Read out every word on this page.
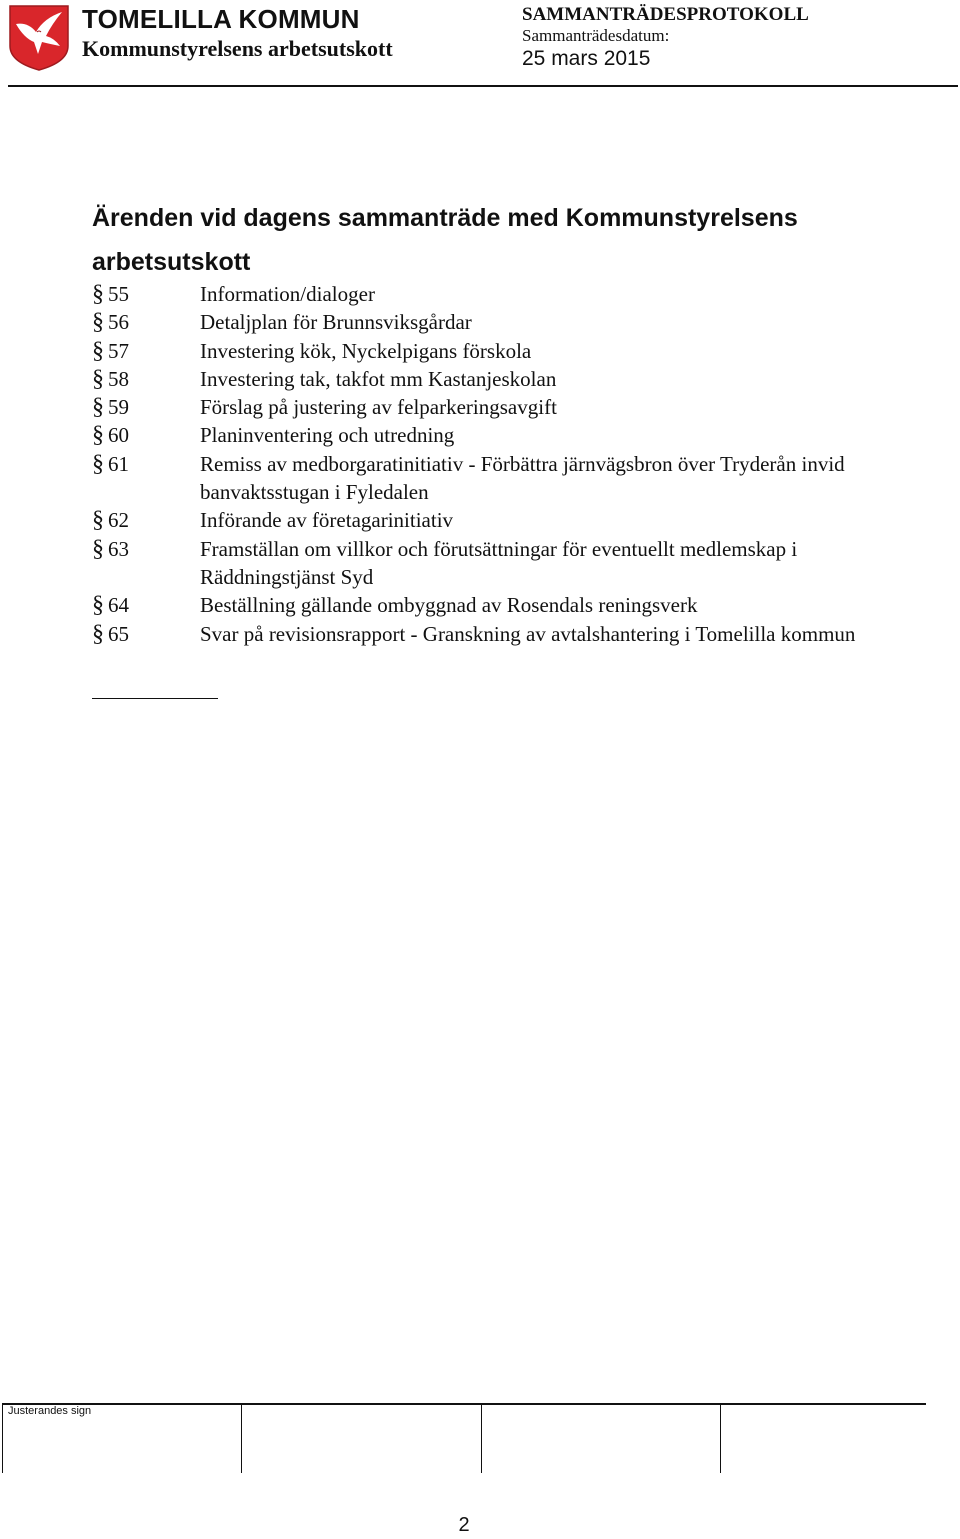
TOMELILLA KOMMUN
Kommunstyrelsens arbetsutskott
SAMMANTRÄDESPROTOKOLL
Sammanträdesdatum:
25 mars 2015
Ärenden vid dagens sammanträde med Kommunstyrelsens arbetsutskott
§ 55	Information/dialoger
§ 56	Detaljplan för Brunnsviksgårdar
§ 57	Investering kök, Nyckelpigans förskola
§ 58	Investering tak, takfot mm Kastanjeskolan
§ 59	Förslag på justering av felparkeringsavgift
§ 60	Planinventering och utredning
§ 61	Remiss av medborgaratinitiativ - Förbättra järnvägsbron över Tryderån invid banvaktsstugan i Fyledalen
§ 62	Införande av företagarinitiativ
§ 63	Framställan om villkor och förutsättningar för eventuellt medlemskap i Räddningstjänst Syd
§ 64	Beställning gällande ombyggnad av Rosendals reningsverk
§ 65	Svar på revisionsrapport - Granskning av avtalshantering i Tomelilla kommun
Justerandes sign
2
